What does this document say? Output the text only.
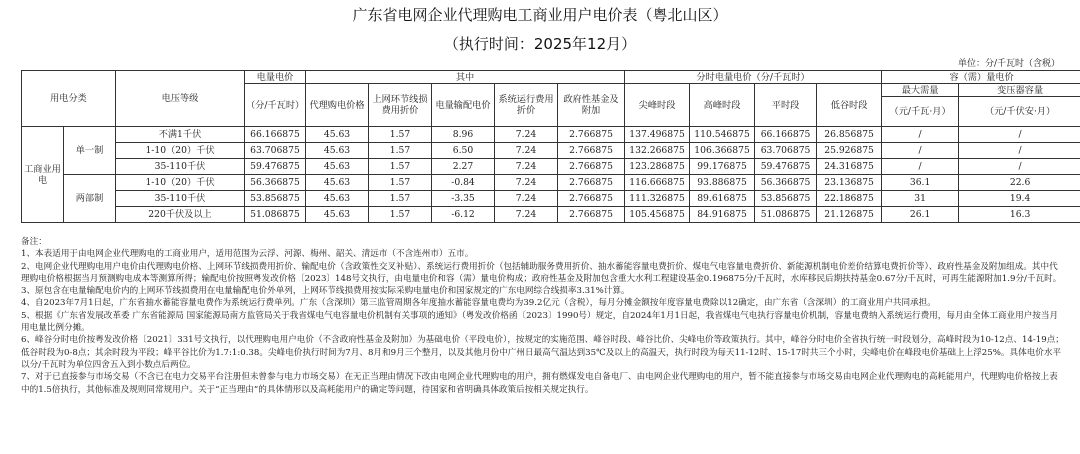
广东省电网企业代理购电工商业用户电价表（粤北山区）
（执行时间：2025年12月）
单位：分/千瓦时（含税）
用电分类		电压等级	电量电价	其中					分时电量电价（分/千瓦时）				容（需）量电价	
			（分/千瓦时）	代理购电价格	上网环节线损费用折价	电量输配电价	系统运行费用折价	政府性基金及附加	尖峰时段	高峰时段	平时段	低谷时段	最大需量	变压器容量
													（元/千瓦·月）	（元/千伏安·月）
工商业用电	单一制	不满1千伏	66.166875	45.63	1.57	8.96	7.24	2.766875	137.496875	110.546875	66.166875	26.856875	/	/
		1-10（20）千伏	63.706875	45.63	1.57	6.50	7.24	2.766875	132.266875	106.366875	63.706875	25.926875	/	/
		35-110千伏	59.476875	45.63	1.57	2.27	7.24	2.766875	123.286875	99.176875	59.476875	24.316875	/	/
	两部制	1-10（20）千伏	56.366875	45.63	1.57	-0.84	7.24	2.766875	116.666875	93.886875	56.366875	23.136875	36.1	22.6
		35-110千伏	53.856875	45.63	1.57	-3.35	7.24	2.766875	111.326875	89.616875	53.856875	22.186875	31	19.4
		220千伏及以上	51.086875	45.63	1.57	-6.12	7.24	2.766875	105.456875	84.916875	51.086875	21.126875	26.1	16.3

备注：

1、本表适用于由电网企业代理购电的工商业用户，适用范围为云浮、河源、梅州、韶关、清远市（不含连州市）五市。

2、电网企业代理购电用户电价由代理购电价格、上网环节线损费用折价、输配电价（含政策性交叉补贴）、系统运行费用折价（包括辅助服务费用折价、抽水蓄能容量电费折价、煤电气电容量电费折价、新能源机制电价差价结算电费折价等）、政府性基金及附加组成。其中代理购电价格根据当月预测购电成本等测算所得；输配电价按照粤发改价格〔2023〕148号文执行，由电量电价和容（需）量电价构成；政府性基金及附加包含重大水利工程建设基金0.196875分/千瓦时，水库移民后期扶持基金0.67分/千瓦时，可再生能源附加1.9分/千瓦时。

3、原包含在电量输配电价内的上网环节线损费用在电量输配电价外单列，上网环节线损费用按实际采购电量电价和国家规定的广东电网综合线损率3.31%计算。

4、自2023年7月1日起，广东省抽水蓄能容量电费作为系统运行费单列。广东（含深圳）第三监管周期各年度抽水蓄能容量电费均为39.2亿元（含税），每月分摊金额按年度容量电费除以12确定，由广东省（含深圳）的工商业用户共同承担。

5、根据《广东省发展改革委 广东省能源局 国家能源局南方监管局关于我省煤电气电容量电价机制有关事项的通知》（粤发改价格函〔2023〕1990号）规定，自2024年1月1日起，我省煤电气电执行容量电价机制，容量电费纳入系统运行费用，每月由全体工商业用户按当月用电量比例分摊。

6、峰谷分时电价按粤发改价格〔2021〕331号文执行，以代理购电用户电价（不含政府性基金及附加）为基础电价（平段电价），按规定的实施范围、峰谷时段、峰谷比价、尖峰电价等政策执行。其中，峰谷分时电价全省执行统一时段划分，高峰时段为10-12点、14-19点；低谷时段为0-8点；其余时段为平段；峰平谷比价为1.7:1:0.38。尖峰电价执行时间为7月、8月和9月三个整月，以及其他月份中广州日最高气温达到35℃及以上的高温天，执行时段为每天11-12时、15-17时共三个小时，尖峰电价在峰段电价基础上上浮25%。具体电价水平以分/千瓦时为单位四舍五入到小数点后两位。

7、对于已直接参与市场交易（不含已在电力交易平台注册但未曾参与电力市场交易）在无正当理由情况下改由电网企业代理购电的用户，拥有燃煤发电自备电厂、由电网企业代理购电的用户，暂不能直接参与市场交易由电网企业代理购电的高耗能用户，代理购电价格按上表中的1.5倍执行，其他标准及规则同常规用户。关于“正当理由”的具体情形以及高耗能用户的确定等问题，待国家和省明确具体政策后按相关规定执行。
